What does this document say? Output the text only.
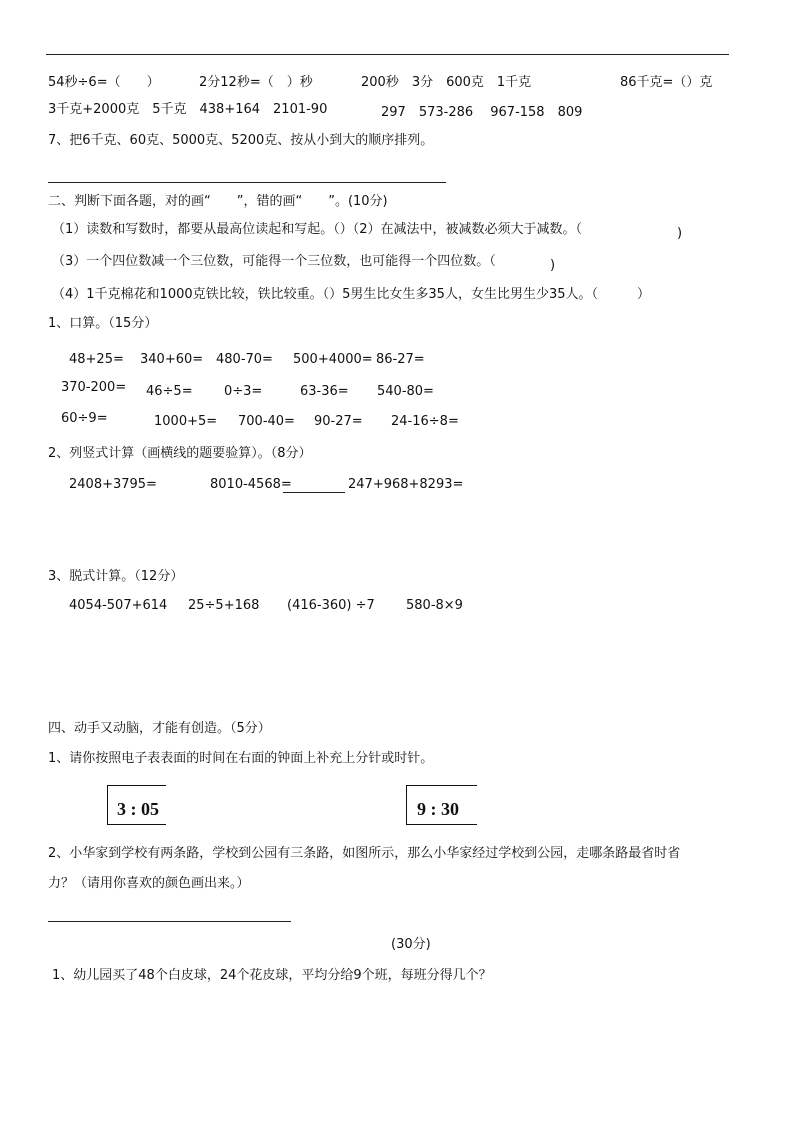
54秒÷6=（　　）	2分12秒=（　）秒	200秒　3分　600克　1千克	86千克=（）克
3千克+2000克　5千克　438+164　2101-90	297　573-286　 967-158　809
7、把6千克、60克、5000克、5200克、按从小到大的顺序排列。
二、判断下面各题，对的画“　　”，错的画“　　”。(10分)
（1）读数和写数时，都要从最高位读起和写起。（）（2）在减法中，被减数必须大于减数。（	)
（3）一个四位数减一个三位数，可能得一个三位数，也可能得一个四位数。（	)
（4）1千克棉花和1000克铁比较，铁比较重。（）5男生比女生多35人，女生比男生少35人。（　　　）
1、口算。（15分）
48+25= 340+60= 480-70= 500+4000= 86-27=
370-200= 46÷5= 0÷3=	63-36= 540-80=
60÷9=	1000+5= 700-40= 90-27= 24-16÷8=
2、列竖式计算（画横线的题要验算）。（8分）
2408+3795=	8010-4568=	247+968+8293=
3、脱式计算。（12分）
4054-507+614 25÷5+168 (416-360) ÷7 580-8×9
四、动手又动脑，才能有创造。（5分）
1、请你按照电子表表面的时间在右面的钟面上补充上分针或时针。
3 : 05	9 : 30
2、小华家到学校有两条路，学校到公园有三条路，如图所示，那么小华家经过学校到公园，走哪条路最省时省
力？（请用你喜欢的颜色画出来。）
(30分)
1、幼儿园买了48个白皮球，24个花皮球，平均分给9个班，每班分得几个？
